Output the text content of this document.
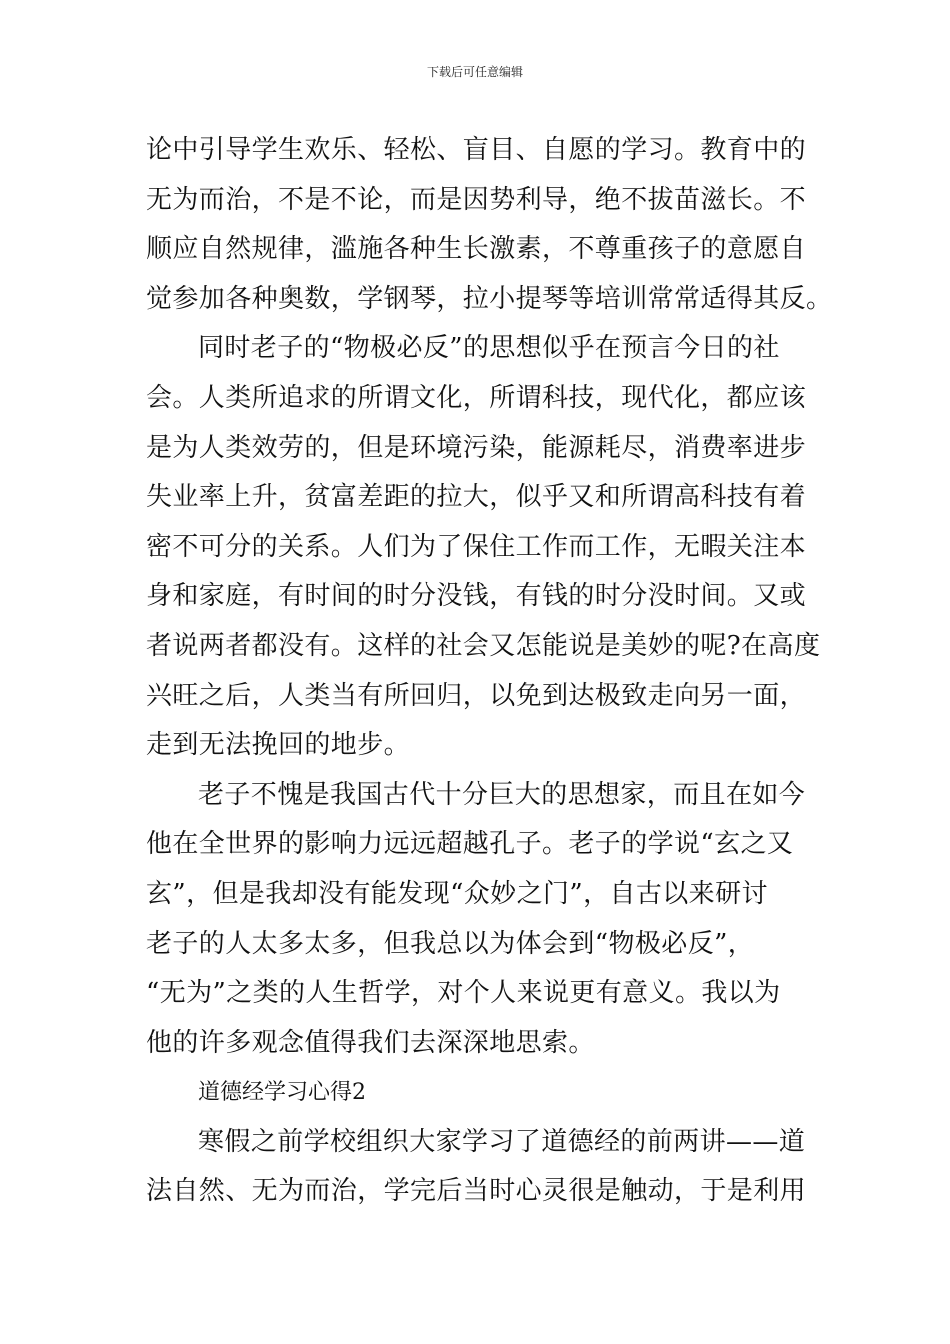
下载后可任意编辑
论中引导学生欢乐、轻松、盲目、自愿的学习。教育中的
无为而治，不是不论，而是因势利导，绝不拔苗滋长。不
顺应自然规律，滥施各种生长激素，不尊重孩子的意愿自
觉参加各种奥数，学钢琴，拉小提琴等培训常常适得其反。
同时老子的“物极必反”的思想似乎在预言今日的社
会。人类所追求的所谓文化，所谓科技，现代化，都应该
是为人类效劳的，但是环境污染，能源耗尽，消费率进步
失业率上升，贫富差距的拉大，似乎又和所谓高科技有着
密不可分的关系。人们为了保住工作而工作，无暇关注本
身和家庭，有时间的时分没钱，有钱的时分没时间。又或
者说两者都没有。这样的社会又怎能说是美妙的呢?在高度
兴旺之后，人类当有所回归，以免到达极致走向另一面，
走到无法挽回的地步。
老子不愧是我国古代十分巨大的思想家，而且在如今
他在全世界的影响力远远超越孔子。老子的学说“玄之又
玄”，但是我却没有能发现“众妙之门”，自古以来研讨
老子的人太多太多，但我总以为体会到“物极必反”，
“无为”之类的人生哲学，对个人来说更有意义。我以为
他的许多观念值得我们去深深地思索。
道德经学习心得2
寒假之前学校组织大家学习了道德经的前两讲——道
法自然、无为而治，学完后当时心灵很是触动，于是利用
